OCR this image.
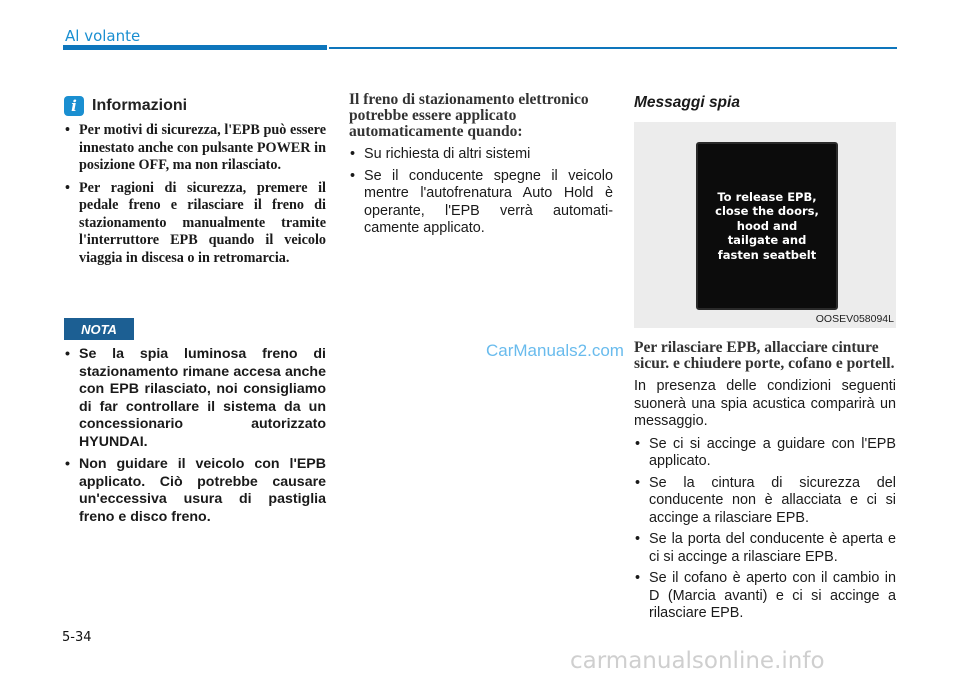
Al volante
i Informazioni
• Per motivi di sicurezza, l'EPB può essere innestato anche con pulsante POWER in posizione OFF, ma non rilasciato.
• Per ragioni di sicurezza, premere il pedale freno e rilasciare il freno di stazionamento manualmente tramite l'interruttore EPB quando il veicolo viaggia in discesa o in retromarcia.
NOTA
• Se la spia luminosa freno di stazionamento rimane accesa anche con EPB rilasciato, noi consigliamo di far controllare il sistema da un concessionario autorizzato HYUNDAI.
• Non guidare il veicolo con l'EPB applicato. Ciò potrebbe causare un'eccessiva usura di pastiglia freno e disco freno.

Il freno di stazionamento elettronico potrebbe essere applicato automaticamente quando:

• Su richiesta di altri sistemi
• Se il conducente spegne il veicolo mentre l'autofrenatura Auto Hold è operante, l'EPB verrà automati-camente applicato.
CarManuals2.com
Messaggi spia
To release EPB,
close the doors,
hood and
tailgate and
fasten seatbelt
OOSEV058094L

Per rilasciare EPB, allacciare cinture sicur. e chiudere porte, cofano e portell.

In presenza delle condizioni seguenti suonerà una spia acustica comparirà un messaggio.

• Se ci si accinge a guidare con l'EPB applicato.
• Se la cintura di sicurezza del conducente non è allacciata e ci si accinge a rilasciare EPB.
• Se la porta del conducente è aperta e ci si accinge a rilasciare EPB.
• Se il cofano è aperto con il cambio in D (Marcia avanti) e ci si accinge a rilasciare EPB.
5-34
carmanualsonline.info
